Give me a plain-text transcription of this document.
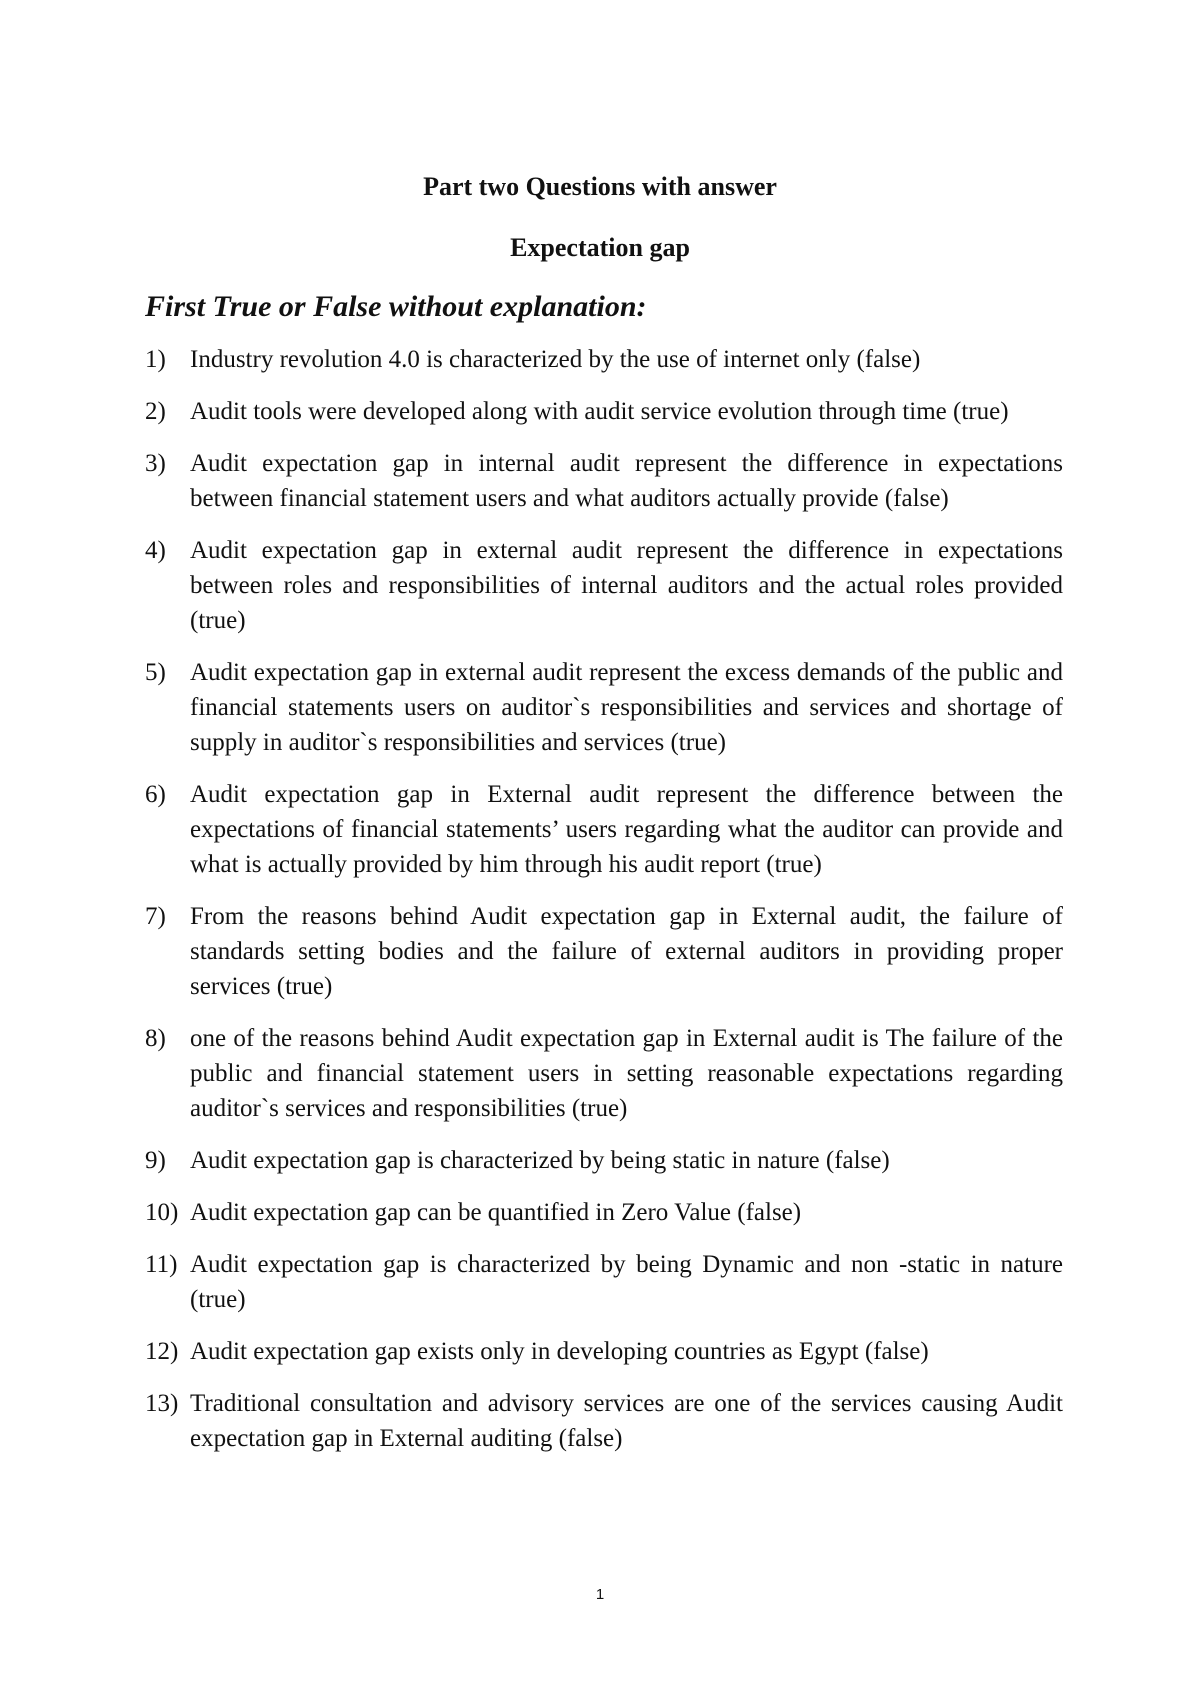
Part two Questions with answer
Expectation gap
First True or False without explanation:
1) Industry revolution 4.0 is characterized by the use of internet only (false)
2) Audit tools were developed along with audit service evolution through time (true)
3) Audit expectation gap in internal audit represent the difference in expectations between financial statement users and what auditors actually provide (false)
4) Audit expectation gap in external audit represent the difference in expectations between roles and responsibilities of internal auditors and the actual roles provided (true)
5) Audit expectation gap in external audit represent the excess demands of the public and financial statements users on auditor`s responsibilities and services and shortage of supply in auditor`s responsibilities and services (true)
6) Audit expectation gap in External audit represent the difference between the expectations of financial statements’ users regarding what the auditor can provide and what is actually provided by him through his audit report (true)
7) From the reasons behind Audit expectation gap in External audit, the failure of standards setting bodies and the failure of external auditors in providing proper services (true)
8) one of the reasons behind Audit expectation gap in External audit is The failure of the public and financial statement users in setting reasonable expectations regarding auditor`s services and responsibilities (true)
9) Audit expectation gap is characterized by being static in nature (false)
10) Audit expectation gap can be quantified in Zero Value (false)
11) Audit expectation gap is characterized by being Dynamic and non -static in nature (true)
12) Audit expectation gap exists only in developing countries as Egypt (false)
13) Traditional consultation and advisory services are one of the services causing Audit expectation gap in External auditing (false)
1
